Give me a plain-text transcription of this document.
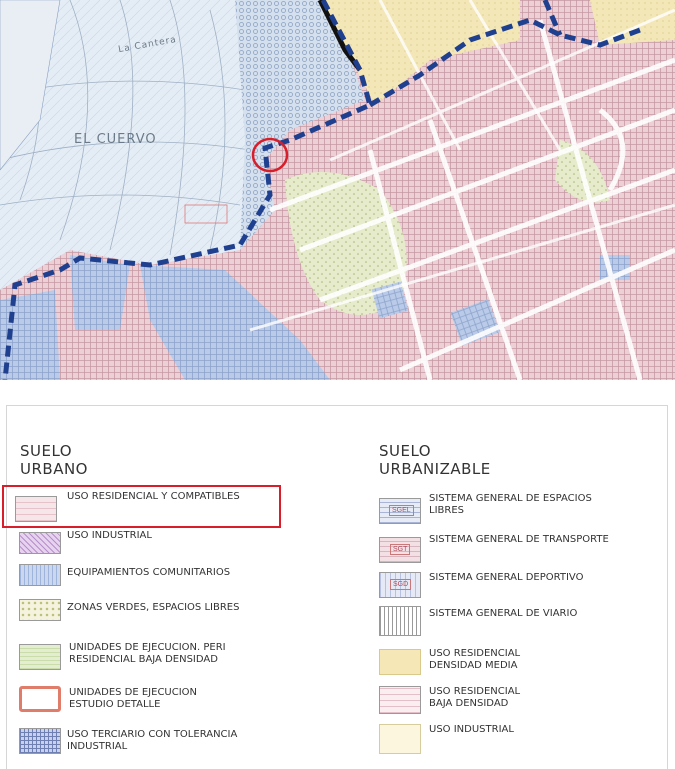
EL CUERVO
La Cantera
SUELO
URBANO
USO RESIDENCIAL Y COMPATIBLES
USO INDUSTRIAL
EQUIPAMIENTOS COMUNITARIOS
ZONAS VERDES, ESPACIOS LIBRES
UNIDADES DE EJECUCION. PERI
RESIDENCIAL BAJA DENSIDAD
UNIDADES DE EJECUCION
ESTUDIO DETALLE
USO TERCIARIO CON TOLERANCIA
INDUSTRIAL
SUELO
URBANIZABLE
SGEL
SISTEMA GENERAL DE ESPACIOS
LIBRES
SGT
SISTEMA GENERAL DE TRANSPORTE
SGD
SISTEMA GENERAL DEPORTIVO
SISTEMA GENERAL DE VIARIO
USO RESIDENCIAL
DENSIDAD MEDIA
USO RESIDENCIAL
BAJA DENSIDAD
USO INDUSTRIAL
